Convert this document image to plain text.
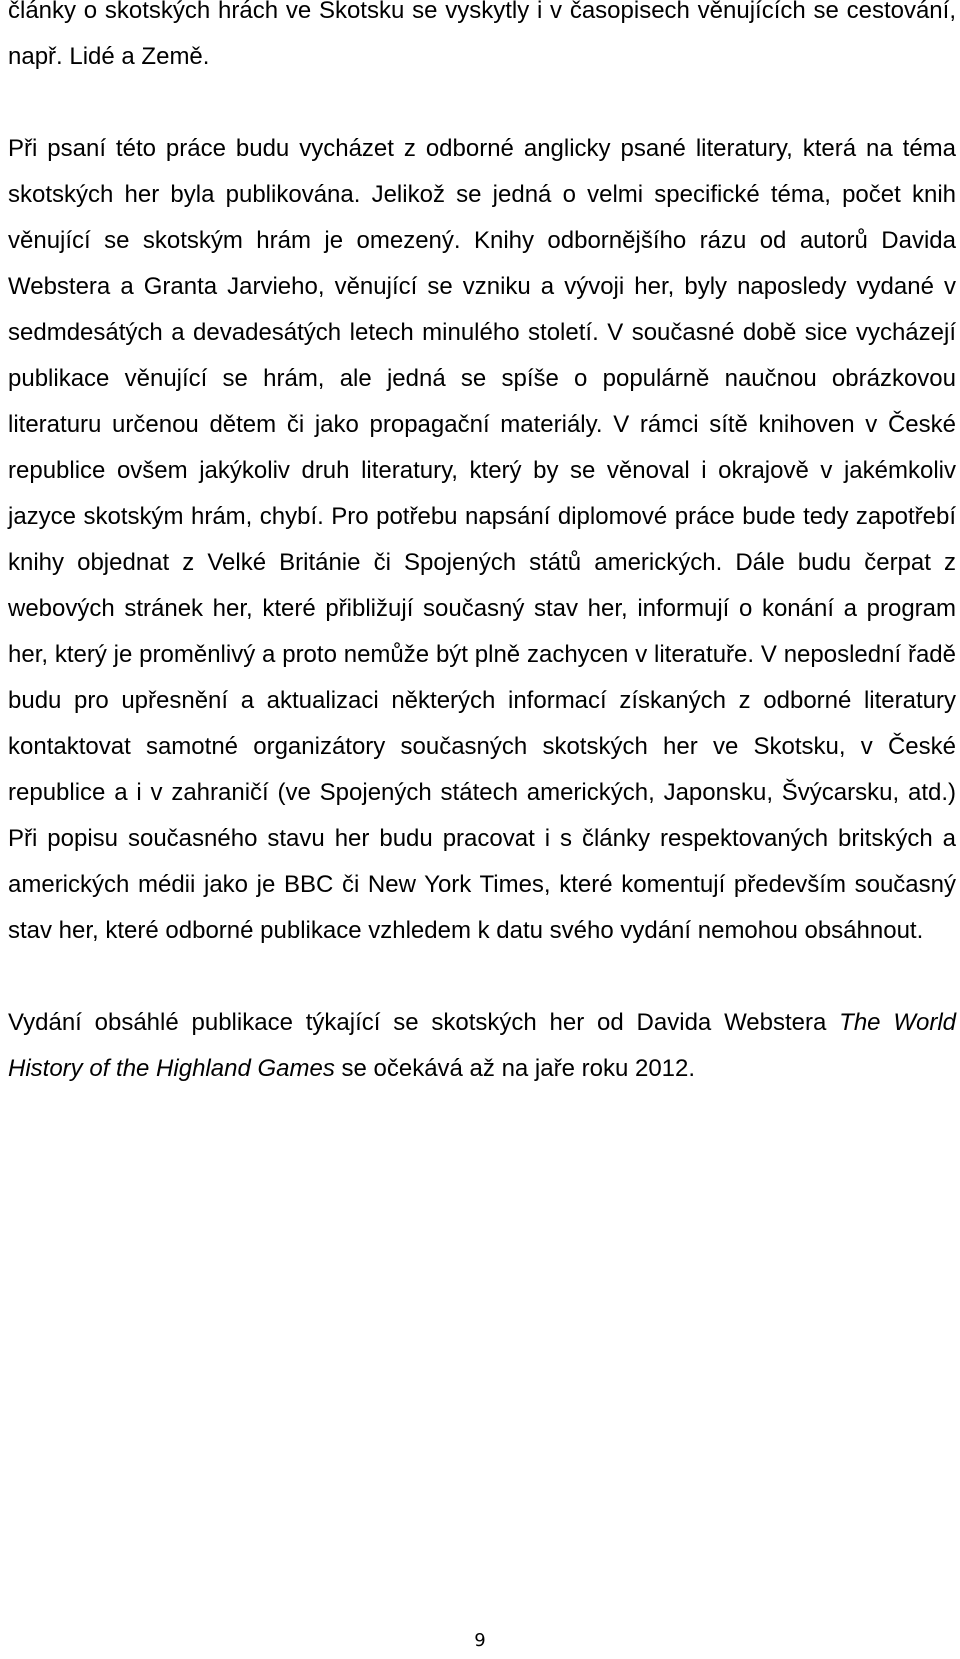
články o skotských hrách ve Skotsku se vyskytly i v časopisech věnujících se cestování, např. Lidé a Země.

Při psaní této práce budu vycházet z odborné anglicky psané literatury, která na téma skotských her byla publikována. Jelikož se jedná o velmi specifické téma, počet knih věnující se skotským hrám je omezený. Knihy odbornějšího rázu od autorů Davida Webstera a Granta Jarvieho, věnující se vzniku a vývoji her, byly naposledy vydané v sedmdesátých a devadesátých letech minulého století. V současné době sice vycházejí publikace věnující se hrám, ale jedná se spíše o populárně naučnou obrázkovou literaturu určenou dětem či jako propagační materiály. V rámci sítě knihoven v České republice ovšem jakýkoliv druh literatury, který by se věnoval i okrajově v jakémkoliv jazyce skotským hrám, chybí. Pro potřebu napsání diplomové práce bude tedy zapotřebí knihy objednat z Velké Británie či Spojených států amerických. Dále budu čerpat z webových stránek her, které přibližují současný stav her, informují o konání a program her, který je proměnlivý a proto nemůže být plně zachycen v literatuře. V neposlední řadě budu pro upřesnění a aktualizaci některých informací získaných z odborné literatury kontaktovat samotné organizátory současných skotských her ve Skotsku, v České republice a i v zahraničí (ve Spojených státech amerických, Japonsku, Švýcarsku, atd.) Při popisu současného stavu her budu pracovat i s články respektovaných britských a amerických médii jako je BBC či New York Times, které komentují především současný stav her, které odborné publikace vzhledem k datu svého vydání nemohou obsáhnout.

Vydání obsáhlé publikace týkající se skotských her od Davida Webstera The World History of the Highland Games se očekává až na jaře roku 2012.

9
